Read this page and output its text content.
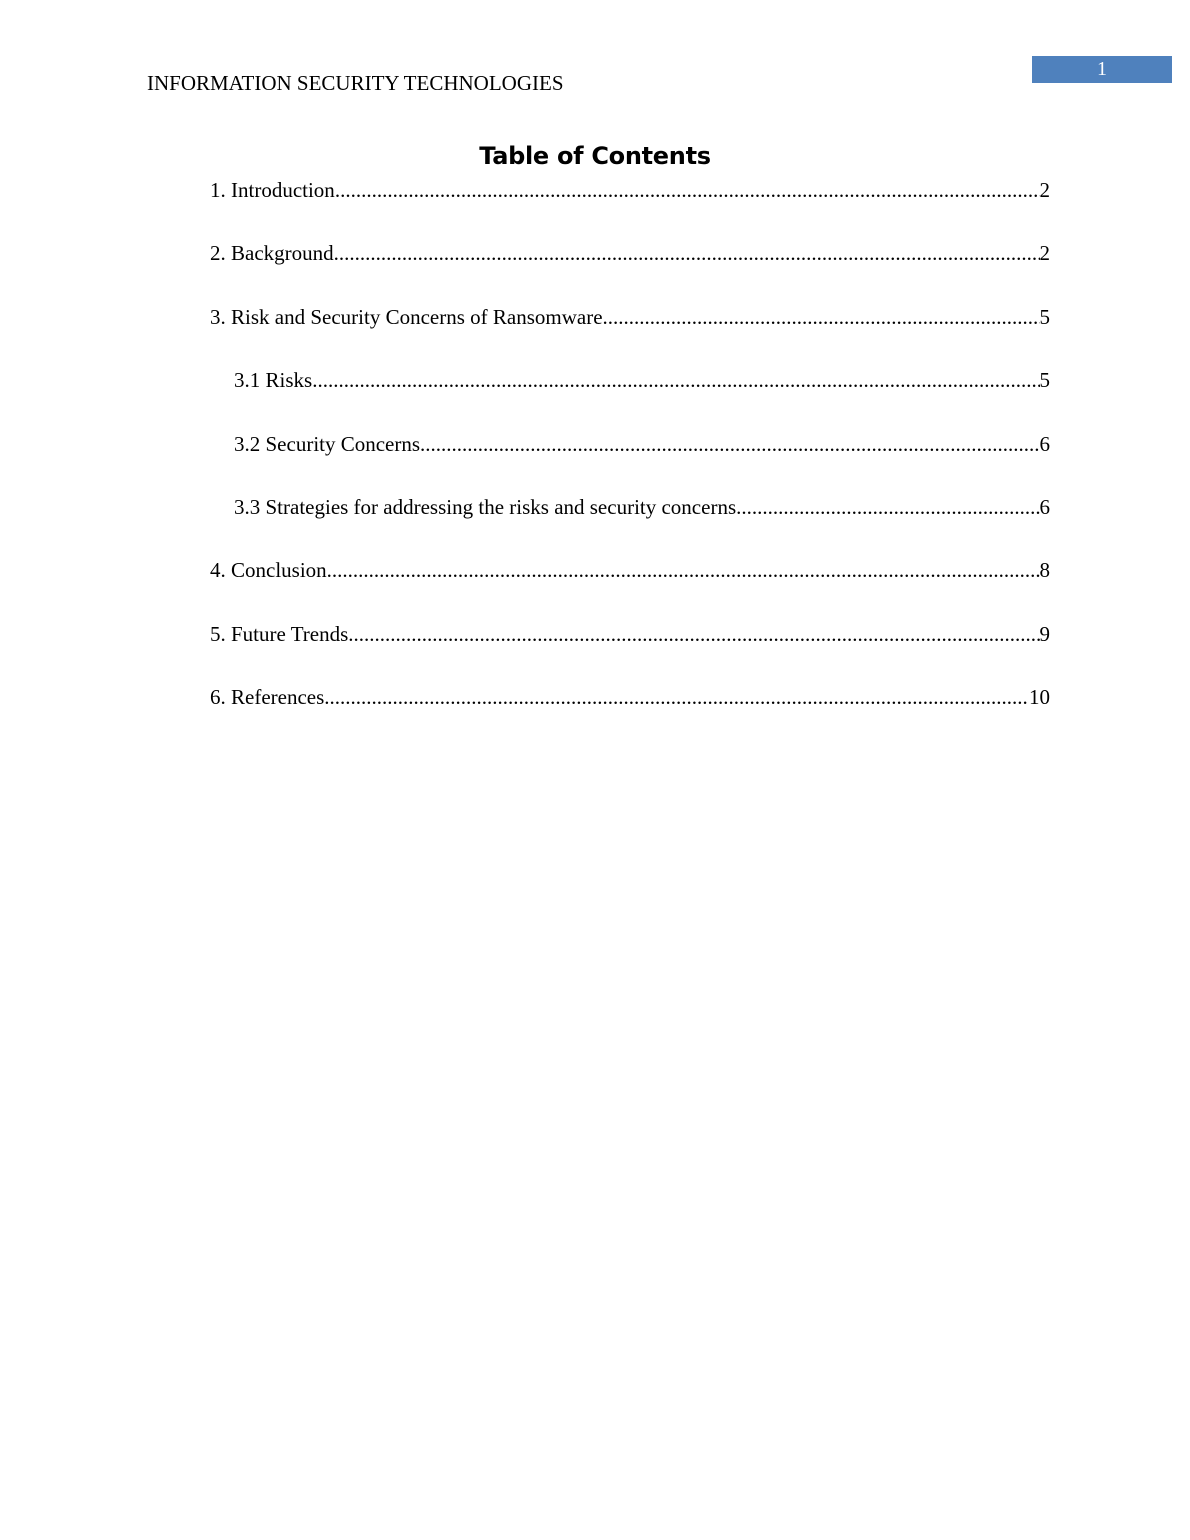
INFORMATION SECURITY TECHNOLOGIES
1
Table of Contents
1. Introduction .....	2
2. Background .....	2
3. Risk and Security Concerns of Ransomware .....	5
3.1 Risks .....	5
3.2 Security Concerns .....	6
3.3 Strategies for addressing the risks and security concerns .....	6
4. Conclusion .....	8
5. Future Trends .....	9
6. References .....	10
